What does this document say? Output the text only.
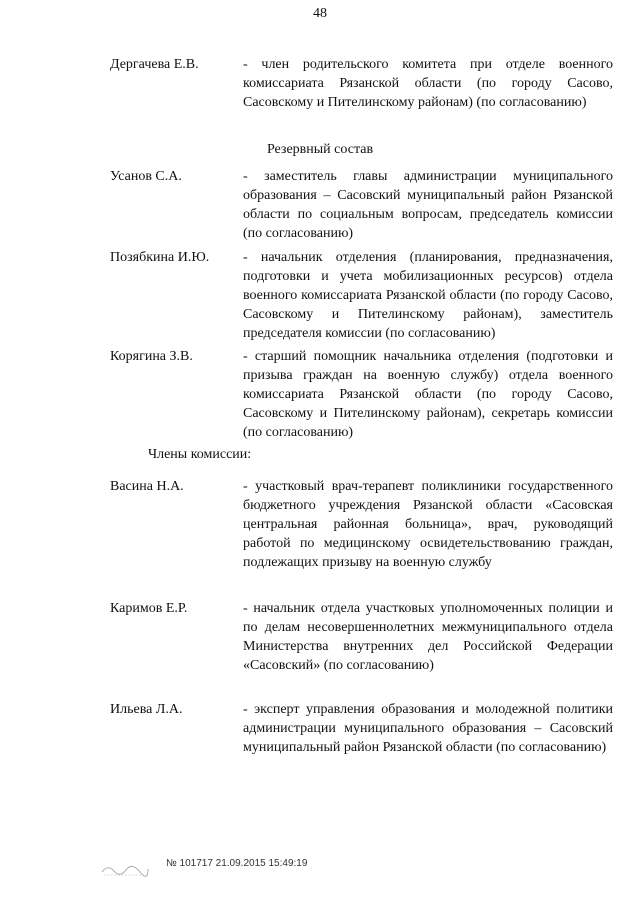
48
Дергачева Е.В.	- член родительского комитета при отделе военного комиссариата Рязанской области (по городу Сасово, Сасовскому и Пителинскому районам) (по согласованию)
Резервный состав
Усанов С.А.	- заместитель главы администрации муниципального образования – Сасовский муниципальный район Рязанской области по социальным вопросам, председатель комиссии (по согласованию)
Позябкина И.Ю. - начальник отделения (планирования, предназначения, подготовки и учета мобилизационных ресурсов) отдела военного комиссариата Рязанской области (по городу Сасово, Сасовскому и Пителинскому районам), заместитель председателя комиссии (по согласованию)
Корягина З.В.	- старший помощник начальника отделения (подготовки и призыва граждан на военную службу) отдела военного комиссариата Рязанской области (по городу Сасово, Сасовскому и Пителинскому районам), секретарь комиссии (по согласованию)
Члены комиссии:
Васина Н.А.	- участковый врач-терапевт поликлиники государственного бюджетного учреждения Рязанской области «Сасовская центральная районная больница», врач, руководящий работой по медицинскому освидетельствованию граждан, подлежащих призыву на военную службу
Каримов Е.Р.	- начальник отдела участковых уполномоченных полиции и по делам несовершеннолетних межмуниципального отдела Министерства внутренних дел Российской Федерации «Сасовский» (по согласованию)
Ильева Л.А.	- эксперт управления образования и молодежной политики администрации муниципального образования – Сасовский муниципальный район Рязанской области (по согласованию)
№ 101717 21.09.2015 15:49:19
